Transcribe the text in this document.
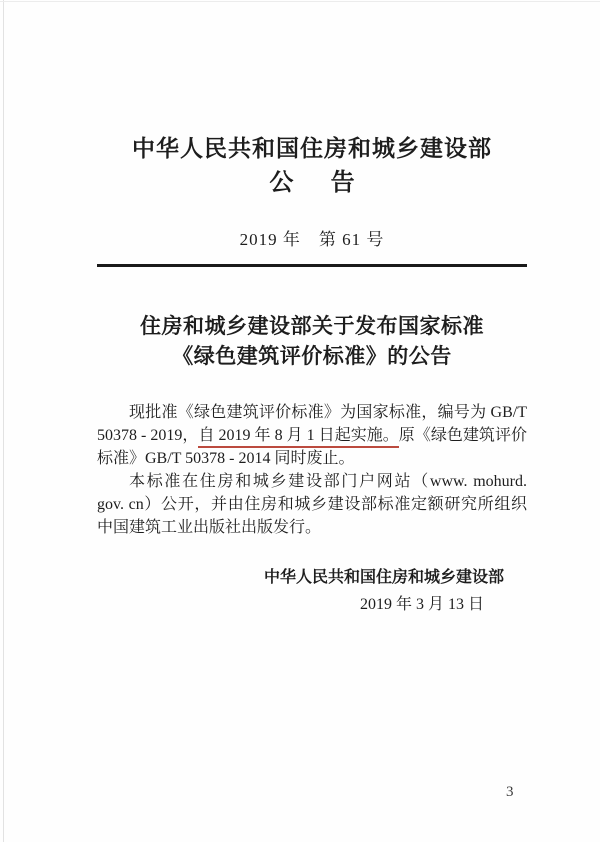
中华人民共和国住房和城乡建设部
公告
2019 年　第 61 号
住房和城乡建设部关于发布国家标准
《绿色建筑评价标准》的公告

现批准《绿色建筑评价标准》为国家标准，编号为 GB/T 50378 - 2019，自 2019 年 8 月 1 日起实施。原《绿色建筑评价标准》GB/T 50378 - 2014 同时废止。

本标准在住房和城乡建设部门户网站（www. mohurd. gov. cn）公开，并由住房和城乡建设部标准定额研究所组织中国建筑工业出版社出版发行。

中华人民共和国住房和城乡建设部
2019 年 3 月 13 日
3
